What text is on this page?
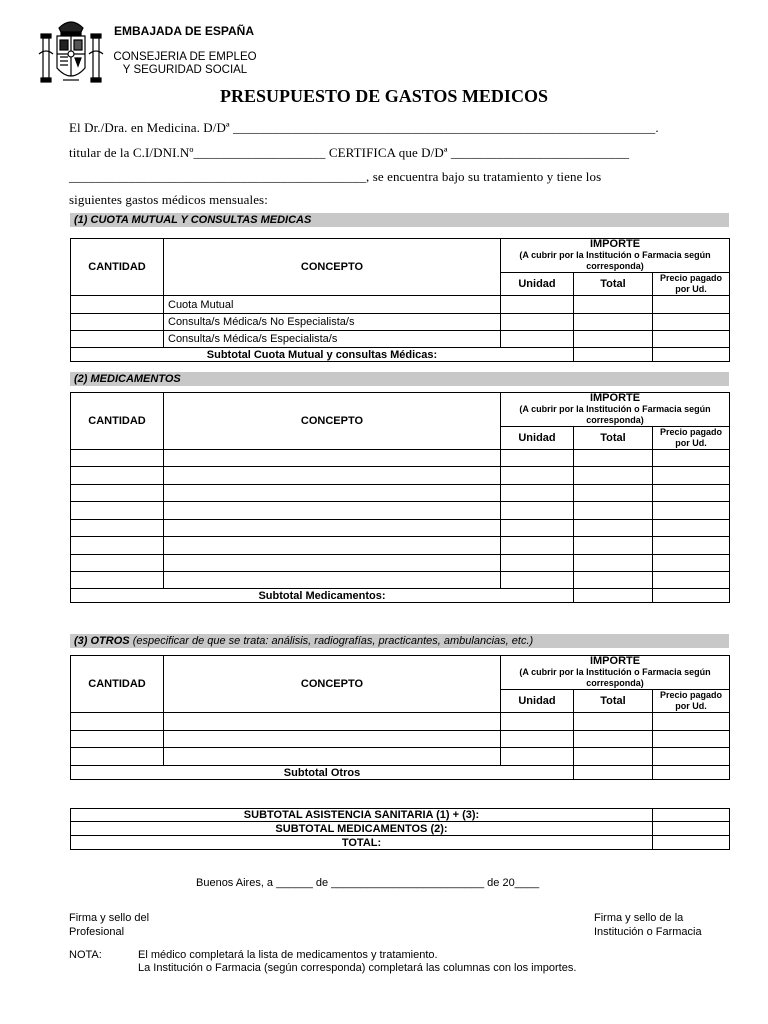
EMBAJADA DE ESPAÑA
CONSEJERIA DE EMPLEO
Y SEGURIDAD SOCIAL
PRESUPUESTO DE GASTOS MEDICOS
El Dr./Dra. en Medicina. D/Dª ________________________________________________________________.
titular de la C.I/DNI.Nº____________________ CERTIFICA que D/Dª ___________________________
_____________________________________________, se encuentra bajo su tratamiento y tiene los
siguientes gastos médicos mensuales:
(1) CUOTA MUTUAL Y CONSULTAS MEDICAS
CANTIDAD	CONCEPTO	IMPORTE
(A cubrir por la Institución o Farmacia según corresponda)		

		Unidad	Total	Precio pagado por Ud.
	Cuota Mutual			
	Consulta/s Médica/s No Especialista/s			
	Consulta/s Médica/s Especialista/s			
Subtotal Cuota Mutual y consultas Médicas:				
(2) MEDICAMENTOS
CANTIDAD	CONCEPTO	IMPORTE
(A cubrir por la Institución o Farmacia según corresponda)		

		Unidad	Total	Precio pagado por Ud.

Subtotal Medicamentos:				
(3) OTROS (especificar de que se trata: análisis, radiografías, practicantes, ambulancias, etc.)
CANTIDAD	CONCEPTO	IMPORTE
(A cubrir por la Institución o Farmacia según corresponda)		

		Unidad	Total	Precio pagado por Ud.

Subtotal Otros				
SUBTOTAL ASISTENCIA SANITARIA (1) + (3):	
SUBTOTAL MEDICAMENTOS (2):	
TOTAL:	
Buenos Aires, a ______ de _________________________ de 20____
Firma y sello del
Profesional
Firma y sello de la
Institución o Farmacia
NOTA:	El médico completará la lista de medicamentos y tratamiento.
La Institución o Farmacia (según corresponda) completará las columnas con los importes.
